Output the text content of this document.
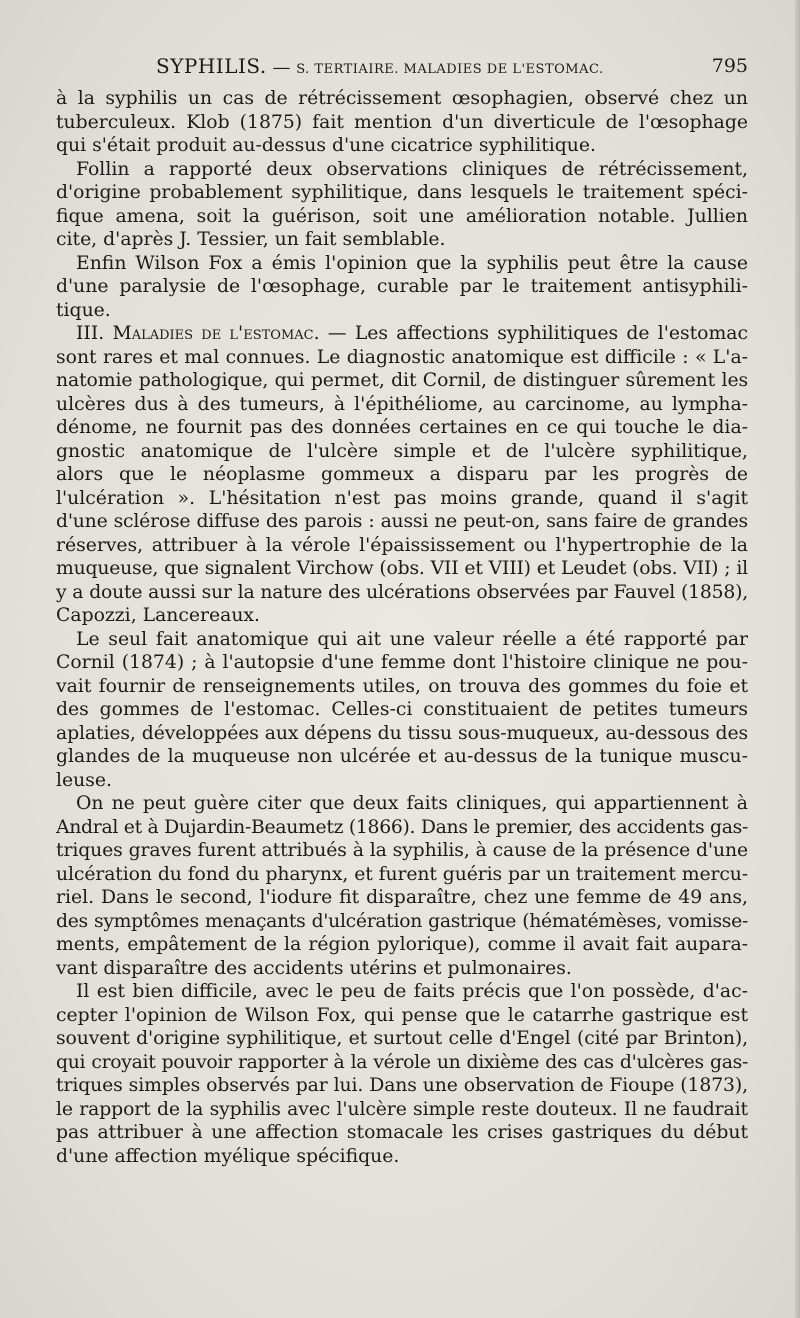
SYPHILIS. — S. TERTIAIRE. MALADIES DE L'ESTOMAC.	795
à la syphilis un cas de rétrécissement œsophagien, observé chez un
tuberculeux. Klob (1875) fait mention d'un diverticule de l'œsophage
qui s'était produit au-dessus d'une cicatrice syphilitique.
Follin a rapporté deux observations cliniques de rétrécissement,
d'origine probablement syphilitique, dans lesquels le traitement spéci-
fique amena, soit la guérison, soit une amélioration notable. Jullien
cite, d'après J. Tessier, un fait semblable.
Enfin Wilson Fox a émis l'opinion que la syphilis peut être la cause
d'une paralysie de l'œsophage, curable par le traitement antisyphili-
tique.
III. Maladies de l'estomac. — Les affections syphilitiques de l'estomac
sont rares et mal connues. Le diagnostic anatomique est difficile : « L'a-
natomie pathologique, qui permet, dit Cornil, de distinguer sûrement les
ulcères dus à des tumeurs, à l'épithéliome, au carcinome, au lympha-
dénome, ne fournit pas des données certaines en ce qui touche le dia-
gnostic anatomique de l'ulcère simple et de l'ulcère syphilitique,
alors que le néoplasme gommeux a disparu par les progrès de
l'ulcération ». L'hésitation n'est pas moins grande, quand il s'agit
d'une sclérose diffuse des parois : aussi ne peut-on, sans faire de grandes
réserves, attribuer à la vérole l'épaississement ou l'hypertrophie de la
muqueuse, que signalent Virchow (obs. VII et VIII) et Leudet (obs. VII) ; il
y a doute aussi sur la nature des ulcérations observées par Fauvel (1858),
Capozzi, Lancereaux.
Le seul fait anatomique qui ait une valeur réelle a été rapporté par
Cornil (1874) ; à l'autopsie d'une femme dont l'histoire clinique ne pou-
vait fournir de renseignements utiles, on trouva des gommes du foie et
des gommes de l'estomac. Celles-ci constituaient de petites tumeurs
aplaties, développées aux dépens du tissu sous-muqueux, au-dessous des
glandes de la muqueuse non ulcérée et au-dessus de la tunique muscu-
leuse.
On ne peut guère citer que deux faits cliniques, qui appartiennent à
Andral et à Dujardin-Beaumetz (1866). Dans le premier, des accidents gas-
triques graves furent attribués à la syphilis, à cause de la présence d'une
ulcération du fond du pharynx, et furent guéris par un traitement mercu-
riel. Dans le second, l'iodure fit disparaître, chez une femme de 49 ans,
des symptômes menaçants d'ulcération gastrique (hématémèses, vomisse-
ments, empâtement de la région pylorique), comme il avait fait aupara-
vant disparaître des accidents utérins et pulmonaires.
Il est bien difficile, avec le peu de faits précis que l'on possède, d'ac-
cepter l'opinion de Wilson Fox, qui pense que le catarrhe gastrique est
souvent d'origine syphilitique, et surtout celle d'Engel (cité par Brinton),
qui croyait pouvoir rapporter à la vérole un dixième des cas d'ulcères gas-
triques simples observés par lui. Dans une observation de Fioupe (1873),
le rapport de la syphilis avec l'ulcère simple reste douteux. Il ne faudrait
pas attribuer à une affection stomacale les crises gastriques du début
d'une affection myélique spécifique.
